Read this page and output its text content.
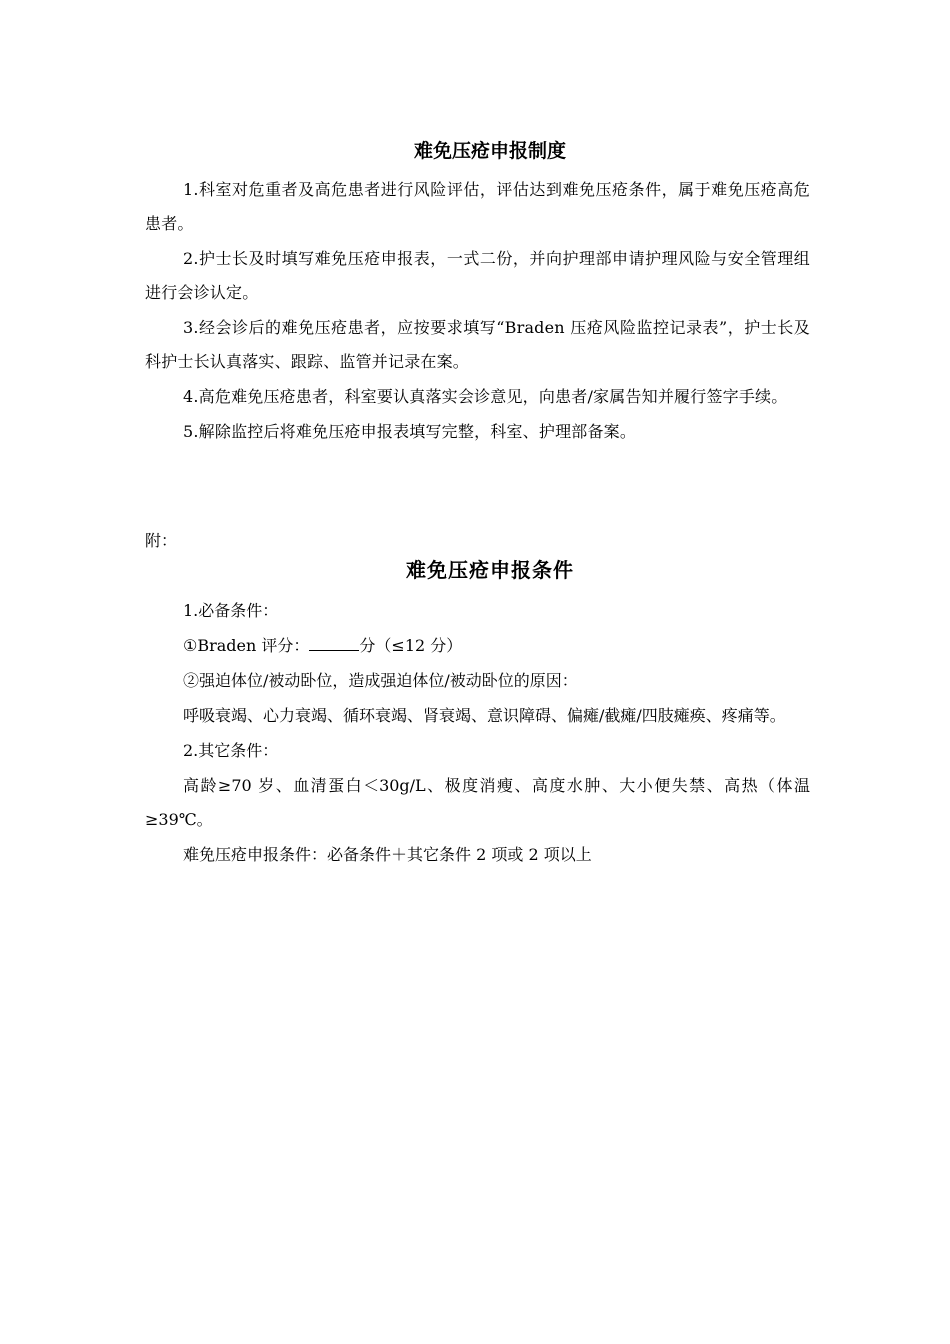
难免压疮申报制度

1.科室对危重者及高危患者进行风险评估，评估达到难免压疮条件，属于难免压疮高危患者。

2.护士长及时填写难免压疮申报表，一式二份，并向护理部申请护理风险与安全管理组进行会诊认定。

3.经会诊后的难免压疮患者，应按要求填写“Braden 压疮风险监控记录表”，护士长及科护士长认真落实、跟踪、监管并记录在案。

4.高危难免压疮患者，科室要认真落实会诊意见，向患者/家属告知并履行签字手续。

5.解除监控后将难免压疮申报表填写完整，科室、护理部备案。

附：

难免压疮申报条件

1.必备条件：

①Braden 评分：	分（≤12 分）

②强迫体位/被动卧位，造成强迫体位/被动卧位的原因：

呼吸衰竭、心力衰竭、循环衰竭、肾衰竭、意识障碍、偏瘫/截瘫/四肢瘫痪、疼痛等。

2.其它条件：

高龄≥70 岁、血清蛋白＜30g/L、极度消瘦、高度水肿、大小便失禁、高热（体温≥39℃。

难免压疮申报条件：必备条件＋其它条件 2 项或 2 项以上
